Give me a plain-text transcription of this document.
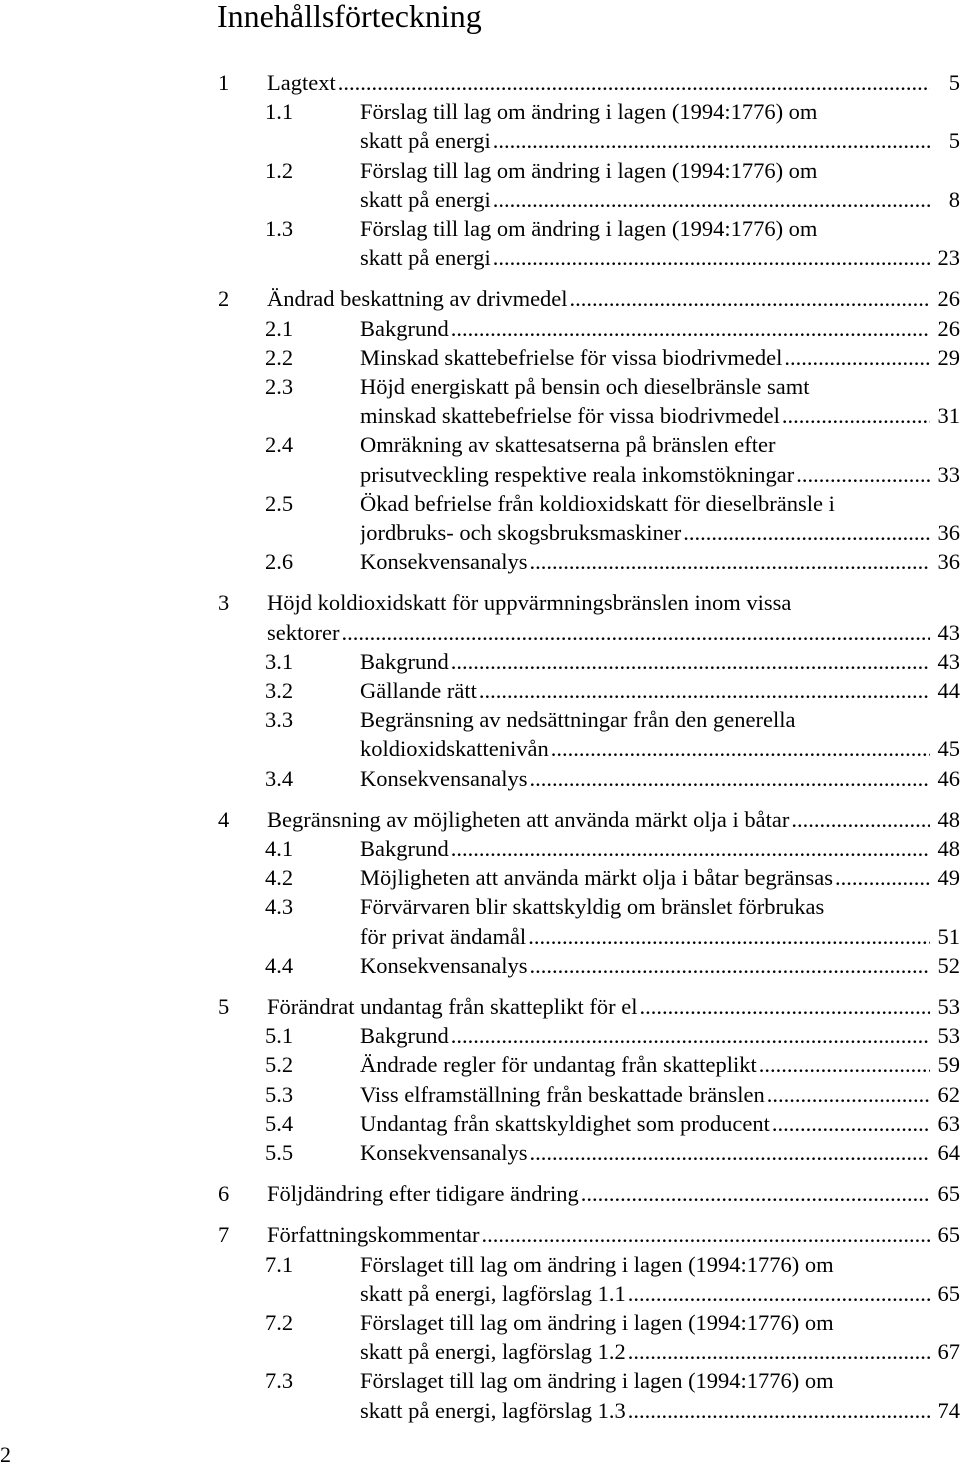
Innehållsförteckning
1 Lagtext .....	5
1.1	Förslag till lag om ändring i lagen (1994:1776) om
skatt på energi .....	5
1.2	Förslag till lag om ändring i lagen (1994:1776) om
skatt på energi .....	8
1.3	Förslag till lag om ändring i lagen (1994:1776) om
skatt på energi .....	23
2 Ändrad beskattning av drivmedel .....	26
2.1	Bakgrund .....	26
2.2	Minskad skattebefrielse för vissa biodrivmedel .....	29
2.3	Höjd energiskatt på bensin och dieselbränsle samt
minskad skattebefrielse för vissa biodrivmedel .....	31
2.4	Omräkning av skattesatserna på bränslen efter
prisutveckling respektive reala inkomstökningar .....	33
2.5	Ökad befrielse från koldioxidskatt för dieselbränsle i
jordbruks- och skogsbruksmaskiner .....	36
2.6	Konsekvensanalys .....	36
3 Höjd koldioxidskatt för uppvärmningsbränslen inom vissa
sektorer .....	43
3.1	Bakgrund .....	43
3.2	Gällande rätt .....	44
3.3	Begränsning av nedsättningar från den generella
koldioxidskattenivån .....	45
3.4	Konsekvensanalys .....	46
4 Begränsning av möjligheten att använda märkt olja i båtar .....	48
4.1	Bakgrund .....	48
4.2	Möjligheten att använda märkt olja i båtar begränsas .....	49
4.3	Förvärvaren blir skattskyldig om bränslet förbrukas
för privat ändamål .....	51
4.4	Konsekvensanalys .....	52
5 Förändrat undantag från skatteplikt för el .....	53
5.1	Bakgrund .....	53
5.2	Ändrade regler för undantag från skatteplikt .....	59
5.3	Viss elframställning från beskattade bränslen .....	62
5.4	Undantag från skattskyldighet som producent .....	63
5.5	Konsekvensanalys .....	64
6 Följdändring efter tidigare ändring .....	65
7 Författningskommentar .....	65
7.1	Förslaget till lag om ändring i lagen (1994:1776) om
skatt på energi, lagförslag 1.1 .....	65
7.2	Förslaget till lag om ändring i lagen (1994:1776) om
skatt på energi, lagförslag 1.2 .....	67
7.3	Förslaget till lag om ändring i lagen (1994:1776) om
skatt på energi, lagförslag 1.3 .....	74
2
